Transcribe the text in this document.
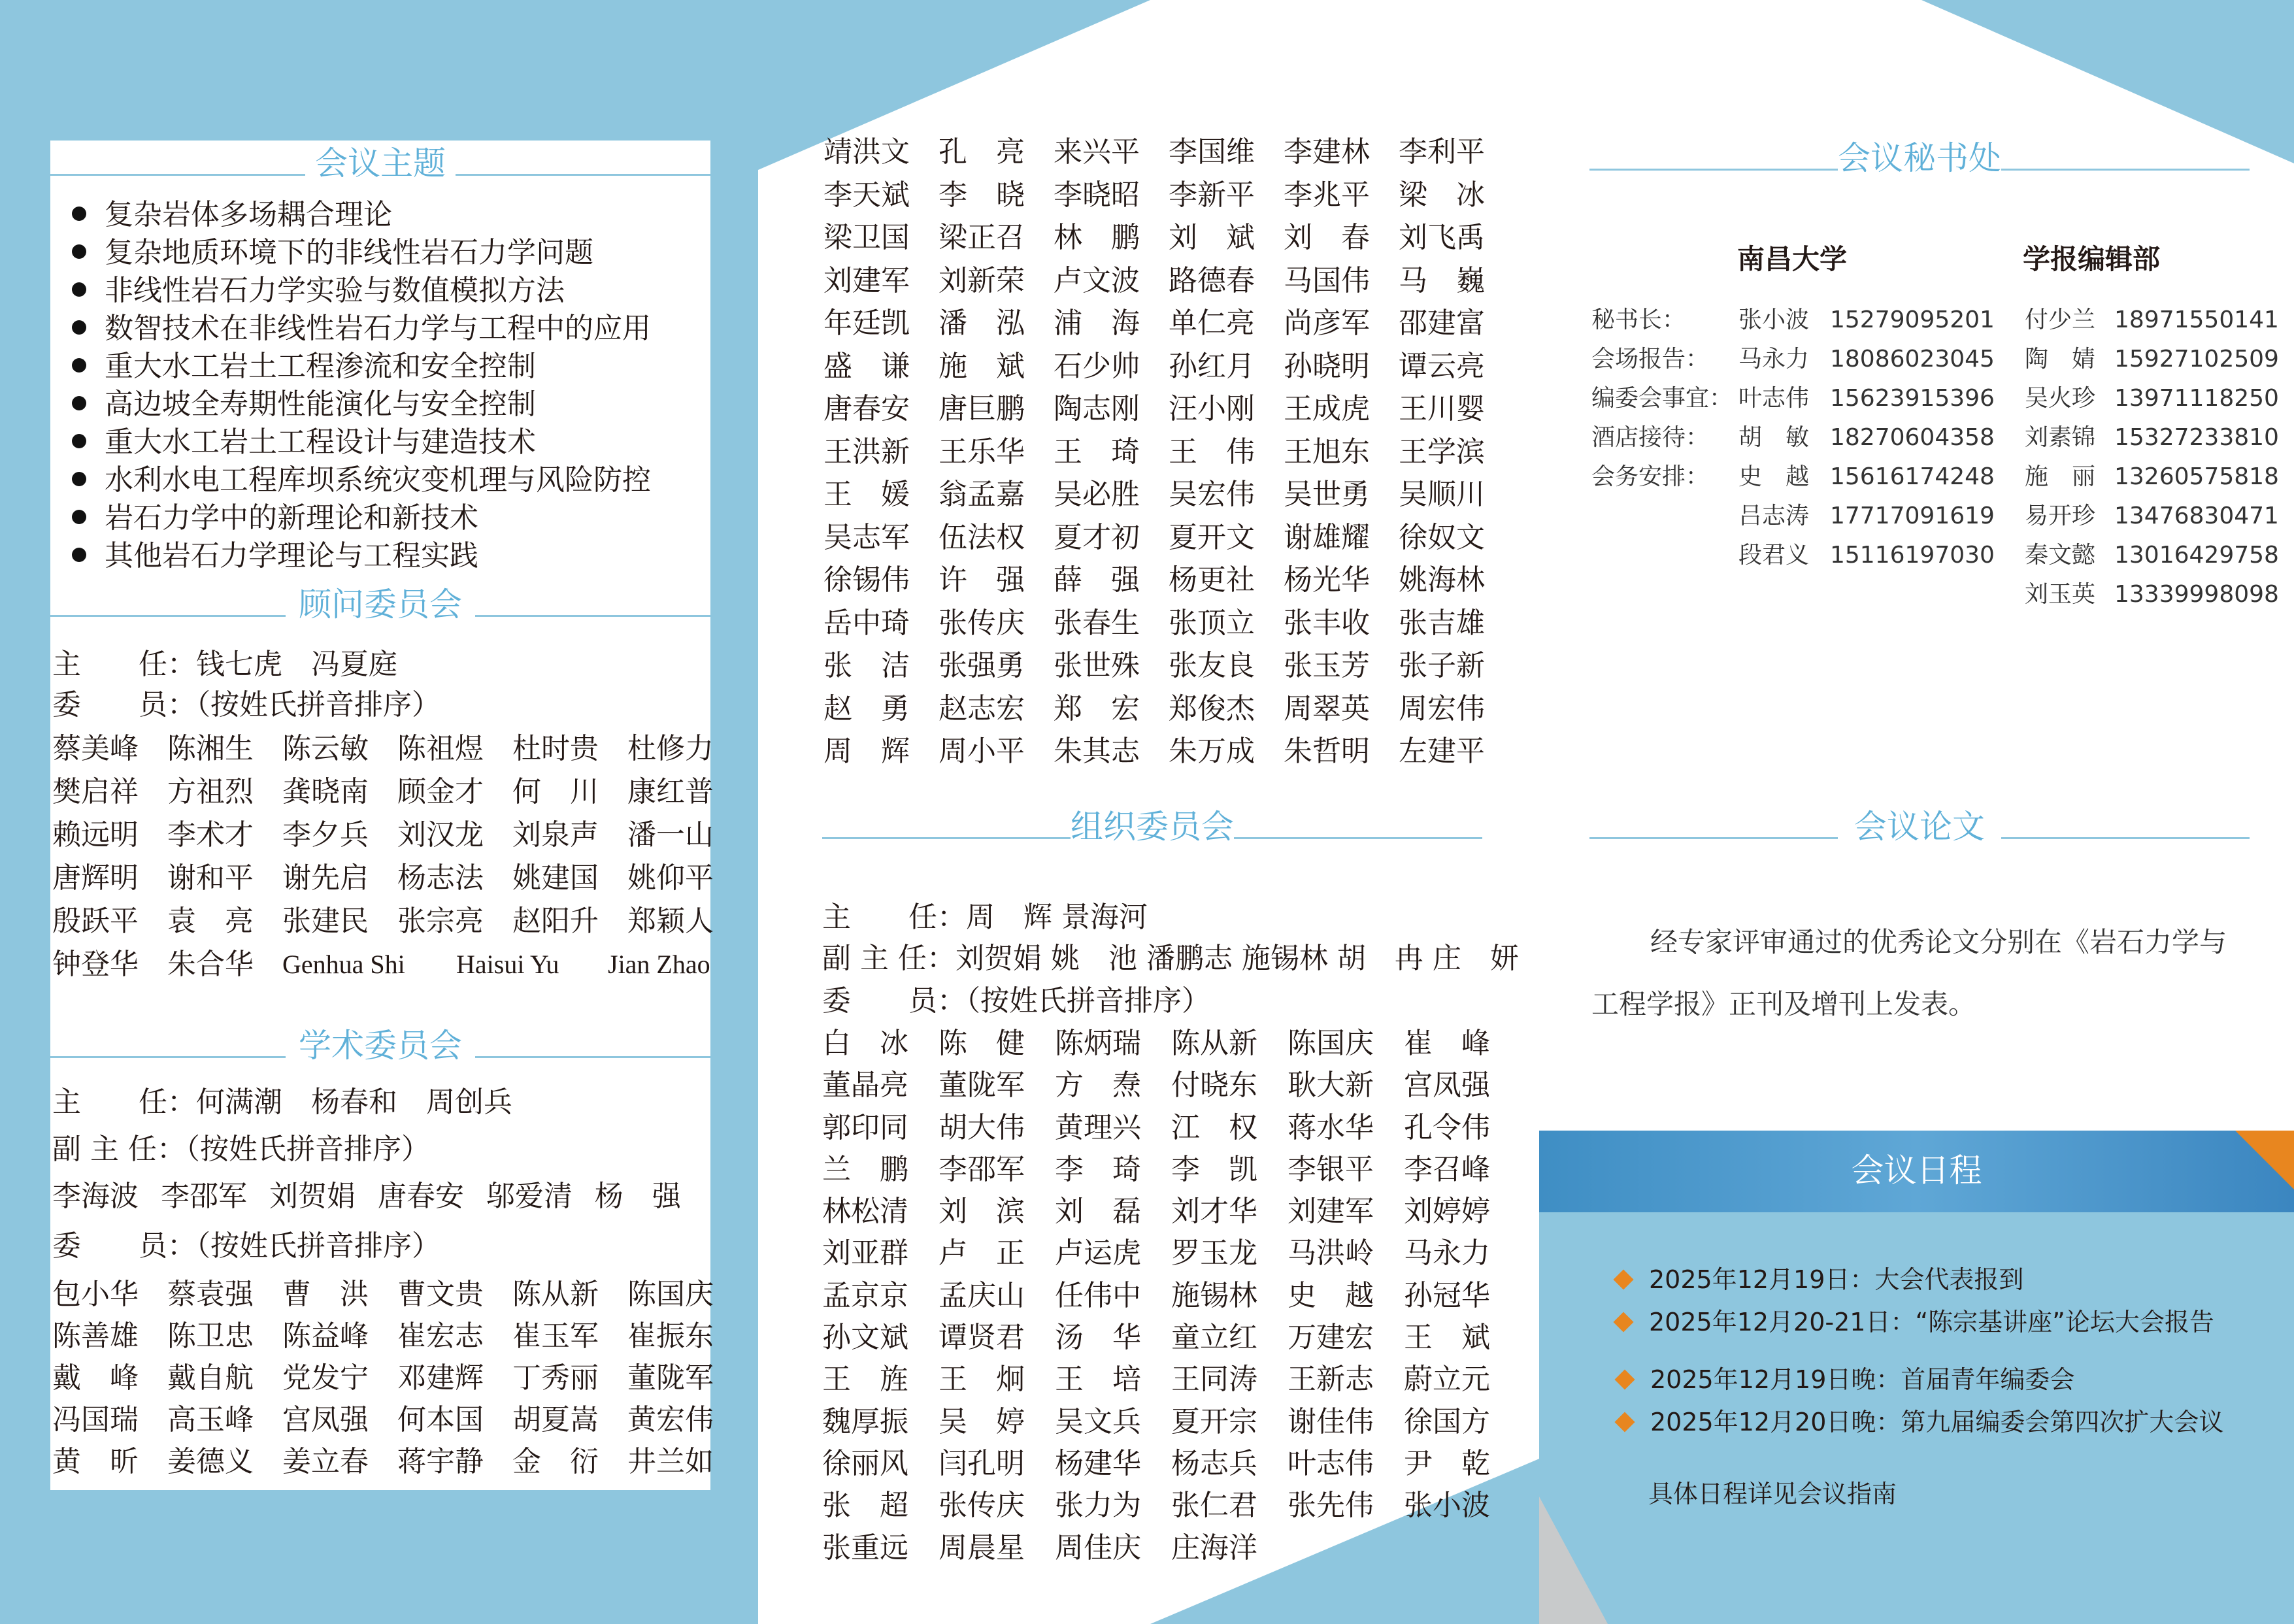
会议主题
复杂岩体多场耦合理论
复杂地质环境下的非线性岩石力学问题
非线性岩石力学实验与数值模拟方法
数智技术在非线性岩石力学与工程中的应用
重大水工岩土工程渗流和安全控制
高边坡全寿期性能演化与安全控制
重大水工岩土工程设计与建造技术
水利水电工程库坝系统灾变机理与风险防控
岩石力学中的新理论和新技术
其他岩石力学理论与工程实践
顾问委员会
主　　任：钱七虎　冯夏庭
委　　员：（按姓氏拼音排序）
蔡美峰	陈湘生	陈云敏	陈祖煜	杜时贵	杜修力
樊启祥	方祖烈	龚晓南	顾金才	何　川	康红普
赖远明	李术才	李夕兵	刘汉龙	刘泉声	潘一山
唐辉明	谢和平	谢先启	杨志法	姚建国	姚仰平
殷跃平	袁　亮	张建民	张宗亮	赵阳升	郑颖人
钟登华	朱合华	Genhua Shi	Haisui Yu	Jian Zhao
学术委员会
主　　任：何满潮　杨春和　周创兵
副 主 任：（按姓氏拼音排序）
李海波 李邵军 刘贺娟 唐春安 邬爱清 杨　强
委　　员：（按姓氏拼音排序）
包小华	蔡袁强	曹　洪	曹文贵	陈从新	陈国庆
陈善雄	陈卫忠	陈益峰	崔宏志	崔玉军	崔振东
戴　峰	戴自航	党发宁	邓建辉	丁秀丽	董陇军
冯国瑞	高玉峰	宫凤强	何本国	胡夏嵩	黄宏伟
黄　昕	姜德义	姜立春	蒋宇静	金　衍	井兰如
靖洪文	孔　亮	来兴平	李国维	李建林	李利平
李天斌	李　晓	李晓昭	李新平	李兆平	梁　冰
梁卫国	梁正召	林　鹏	刘　斌	刘　春	刘飞禹
刘建军	刘新荣	卢文波	路德春	马国伟	马　巍
年廷凯	潘　泓	浦　海	单仁亮	尚彦军	邵建富
盛　谦	施　斌	石少帅	孙红月	孙晓明	谭云亮
唐春安	唐巨鹏	陶志刚	汪小刚	王成虎	王川婴
王洪新	王乐华	王　琦	王　伟	王旭东	王学滨
王　媛	翁孟嘉	吴必胜	吴宏伟	吴世勇	吴顺川
吴志军	伍法权	夏才初	夏开文	谢雄耀	徐奴文
徐锡伟	许　强	薛　强	杨更社	杨光华	姚海林
岳中琦	张传庆	张春生	张顶立	张丰收	张吉雄
张　洁	张强勇	张世殊	张友良	张玉芳	张子新
赵　勇	赵志宏	郑　宏	郑俊杰	周翠英	周宏伟
周　辉	周小平	朱其志	朱万成	朱哲明	左建平
组织委员会
主　　任：周　辉 景海河
副 主 任：刘贺娟 姚　池 潘鹏志 施锡林 胡　冉 庄　妍
委　　员：（按姓氏拼音排序）
白　冰	陈　健	陈炳瑞	陈从新	陈国庆	崔　峰
董晶亮	董陇军	方　焘	付晓东	耿大新	宫凤强
郭印同	胡大伟	黄理兴	江　权	蒋水华	孔令伟
兰　鹏	李邵军	李　琦	李　凯	李银平	李召峰
林松清	刘　滨	刘　磊	刘才华	刘建军	刘婷婷
刘亚群	卢　正	卢运虎	罗玉龙	马洪岭	马永力
孟京京	孟庆山	任伟中	施锡林	史　越	孙冠华
孙文斌	谭贤君	汤　华	童立红	万建宏	王　斌
王　旌	王　炯	王　培	王同涛	王新志	蔚立元
魏厚振	吴　婷	吴文兵	夏开宗	谢佳伟	徐国方
徐丽风	闫孔明	杨建华	杨志兵	叶志伟	尹　乾
张　超	张传庆	张力为	张仁君	张先伟	张小波
张重远	周晨星	周佳庆	庄海洋
会议秘书处
南昌大学	学报编辑部
秘书长： 张小波 15279095201 付少兰 18971550141
会场报告： 马永力 18086023045 陶　婧 15927102509
编委会事宜： 叶志伟 15623915396 吴火珍 13971118250
酒店接待： 胡　敏 18270604358 刘素锦 15327233810
会务安排： 史　越 15616174248 施　丽 13260575818
吕志涛 17717091619 易开珍 13476830471
段君义 15116197030 秦文懿 13016429758
刘玉英 13339998098
会议论文
经专家评审通过的优秀论文分别在《岩石力学与
工程学报》正刊及增刊上发表。
会议日程
2025年12月19日：大会代表报到
2025年12月20-21日：“陈宗基讲座”论坛大会报告
2025年12月19日晚：首届青年编委会
2025年12月20日晚：第九届编委会第四次扩大会议
具体日程详见会议指南
